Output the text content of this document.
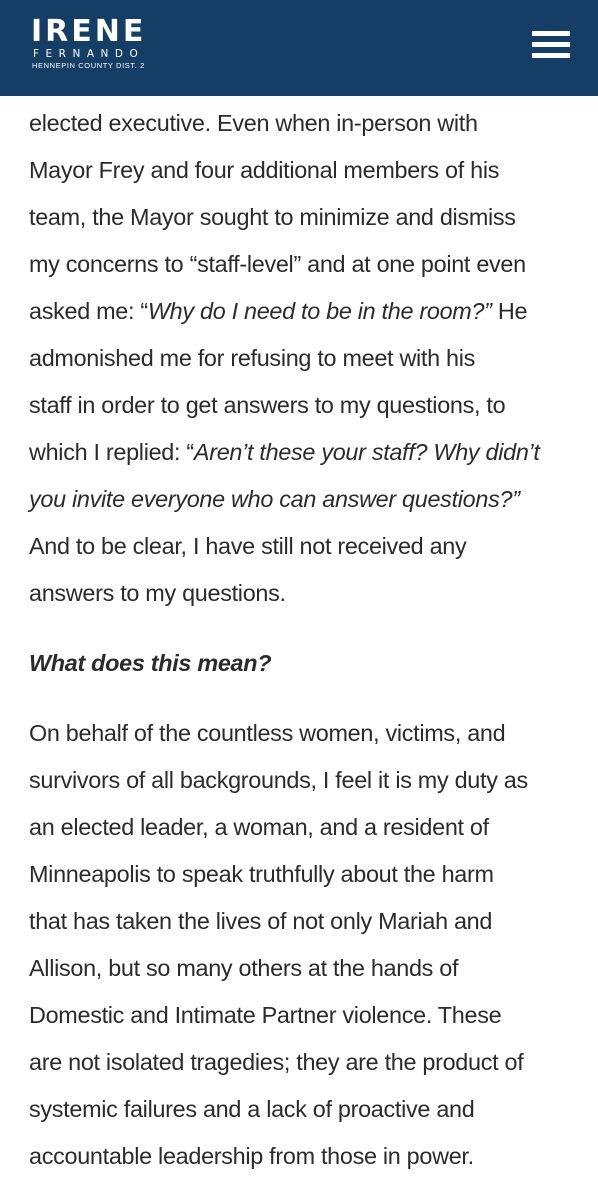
IRENE
FERNANDO
HENNEPIN COUNTY DIST. 2

elected executive. Even when in-person with
Mayor Frey and four additional members of his
team, the Mayor sought to minimize and dismiss
my concerns to “staff-level” and at one point even
asked me: “Why do I need to be in the room?” He
admonished me for refusing to meet with his
staff in order to get answers to my questions, to
which I replied: “Aren’t these your staff? Why didn’t
you invite everyone who can answer questions?”
And to be clear, I have still not received any
answers to my questions.

What does this mean?

On behalf of the countless women, victims, and
survivors of all backgrounds, I feel it is my duty as
an elected leader, a woman, and a resident of
Minneapolis to speak truthfully about the harm
that has taken the lives of not only Mariah and
Allison, but so many others at the hands of
Domestic and Intimate Partner violence. These
are not isolated tragedies; they are the product of
systemic failures and a lack of proactive and
accountable leadership from those in power.
